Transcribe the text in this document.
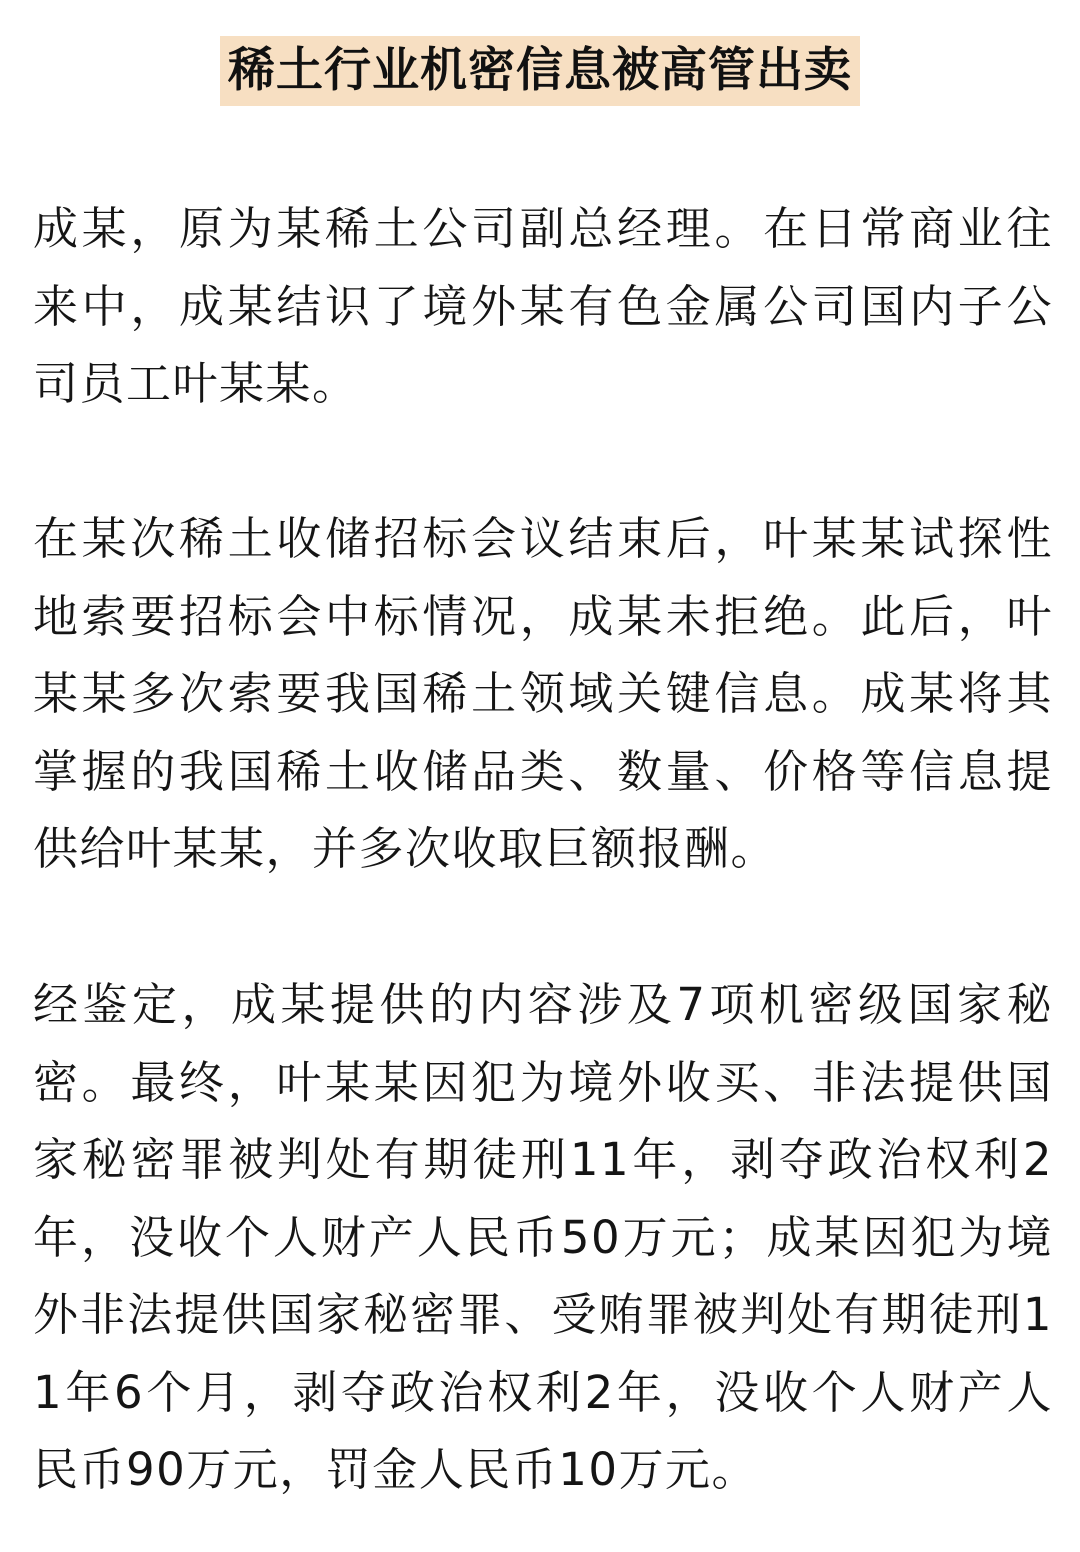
稀土行业机密信息被高管出卖

成某，原为某稀土公司副总经理。在日常商业往来中，成某结识了境外某有色金属公司国内子公司员工叶某某。

在某次稀土收储招标会议结束后，叶某某试探性地索要招标会中标情况，成某未拒绝。此后，叶某某多次索要我国稀土领域关键信息。成某将其掌握的我国稀土收储品类、数量、价格等信息提供给叶某某，并多次收取巨额报酬。

经鉴定，成某提供的内容涉及7项机密级国家秘密。最终，叶某某因犯为境外收买、非法提供国家秘密罪被判处有期徒刑11年，剥夺政治权利2年，没收个人财产人民币50万元；成某因犯为境外非法提供国家秘密罪、受贿罪被判处有期徒刑11年6个月，剥夺政治权利2年，没收个人财产人民币90万元，罚金人民币10万元。
